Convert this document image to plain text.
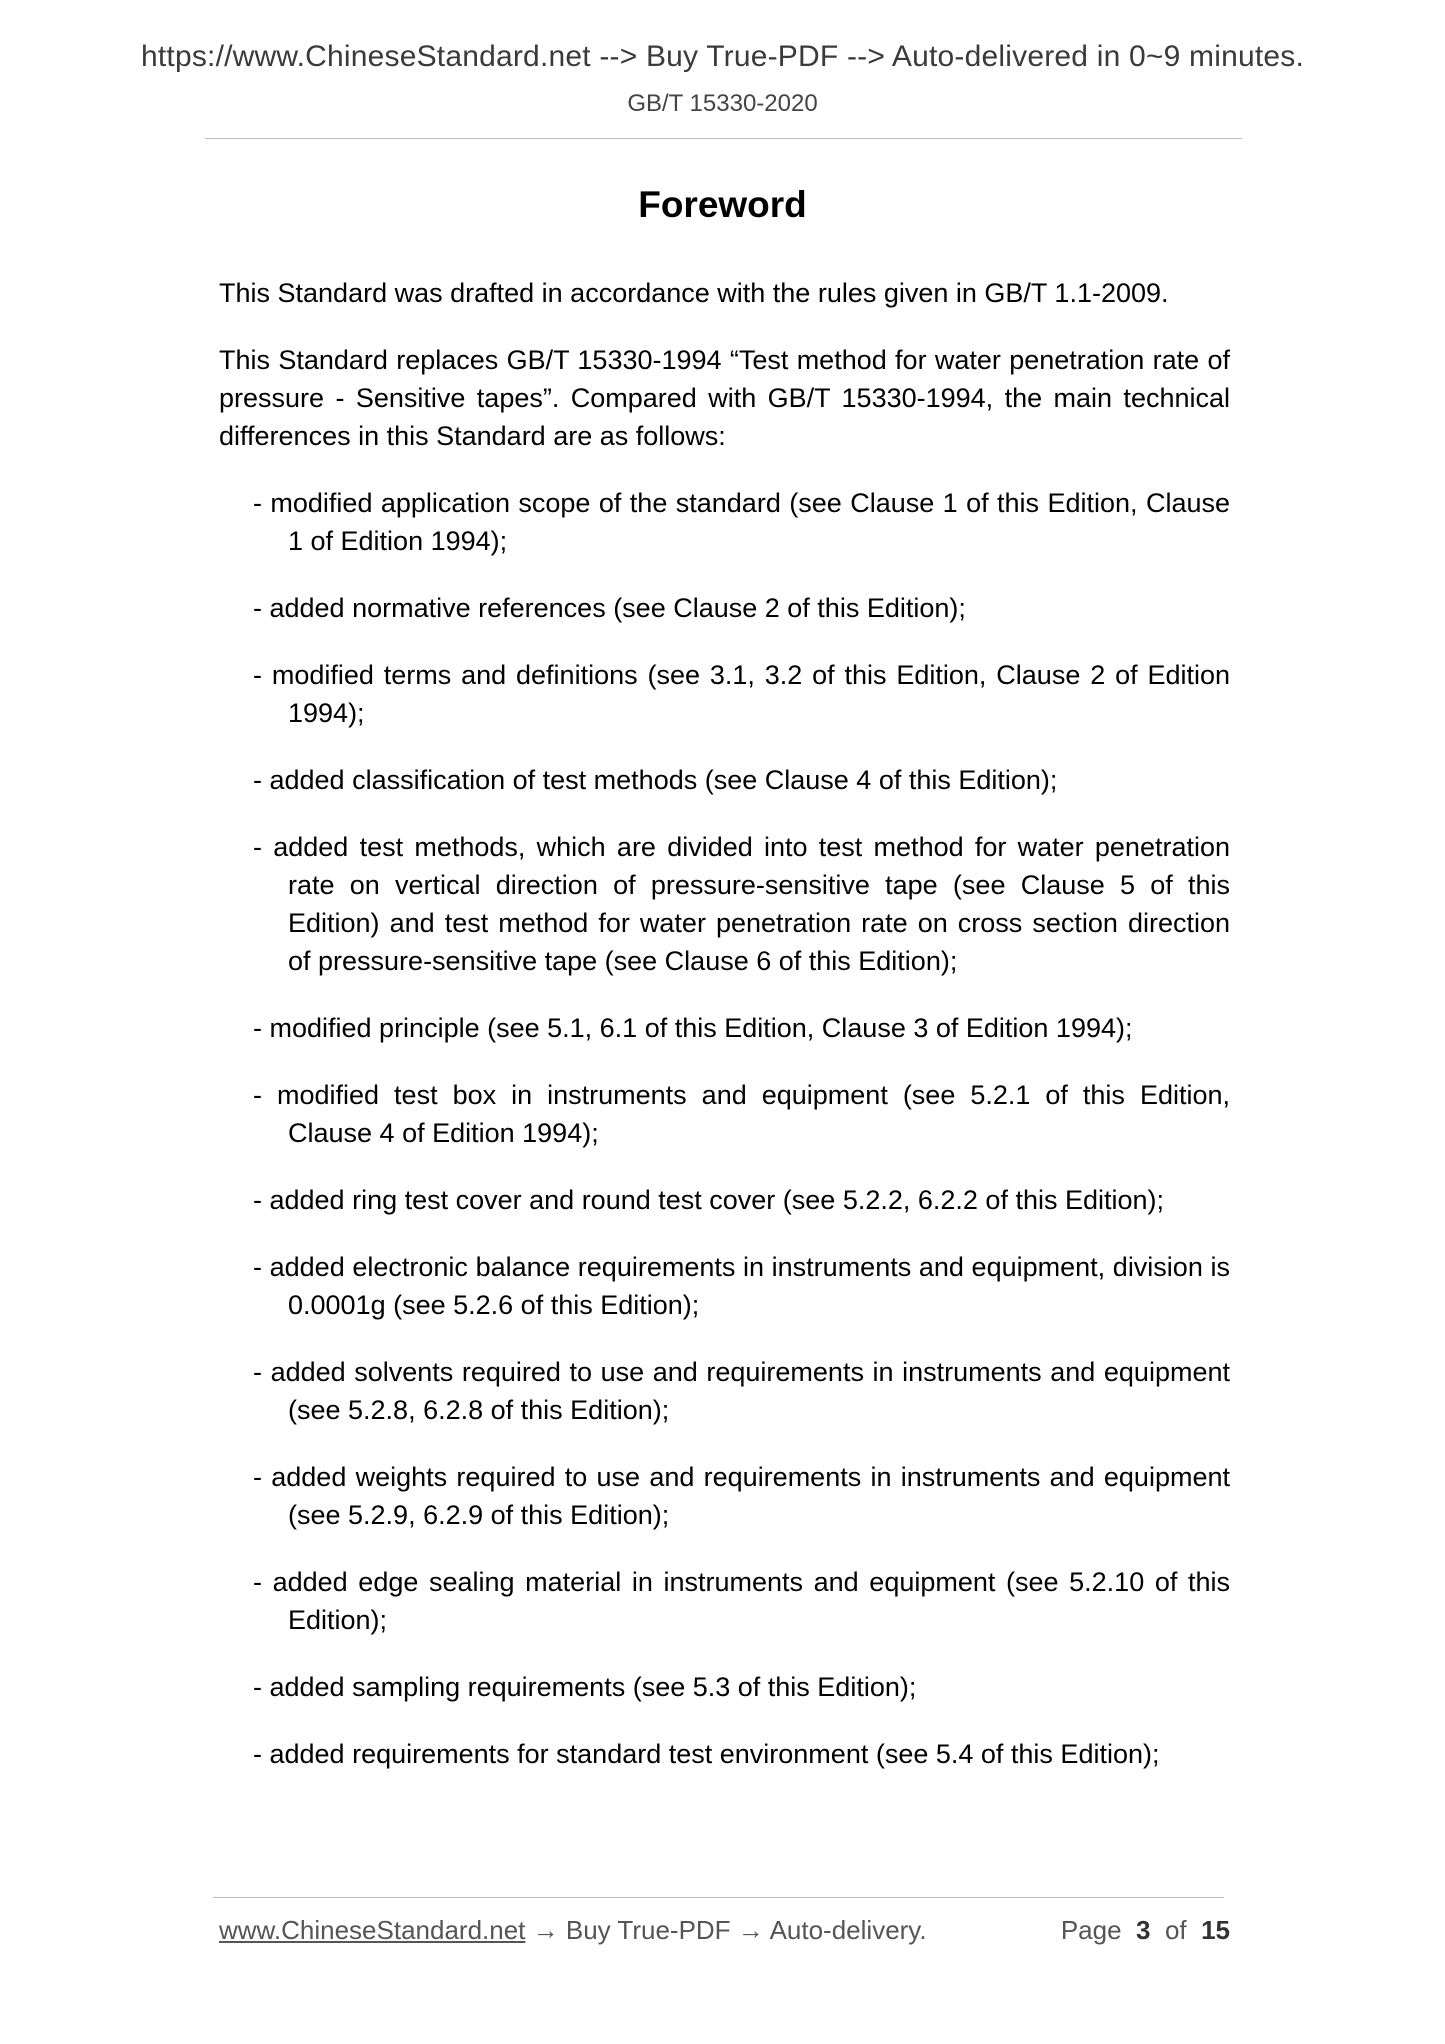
https://www.ChineseStandard.net --> Buy True-PDF --> Auto-delivered in 0~9 minutes.
GB/T 15330-2020
Foreword

This Standard was drafted in accordance with the rules given in GB/T 1.1-2009.

This Standard replaces GB/T 15330-1994 “Test method for water penetration rate of pressure - Sensitive tapes”. Compared with GB/T 15330-1994, the main technical differences in this Standard are as follows:

- modified application scope of the standard (see Clause 1 of this Edition, Clause 1 of Edition 1994);
- added normative references (see Clause 2 of this Edition);
- modified terms and definitions (see 3.1, 3.2 of this Edition, Clause 2 of Edition 1994);
- added classification of test methods (see Clause 4 of this Edition);
- added test methods, which are divided into test method for water penetration rate on vertical direction of pressure-sensitive tape (see Clause 5 of this Edition) and test method for water penetration rate on cross section direction of pressure-sensitive tape (see Clause 6 of this Edition);
- modified principle (see 5.1, 6.1 of this Edition, Clause 3 of Edition 1994);
- modified test box in instruments and equipment (see 5.2.1 of this Edition, Clause 4 of Edition 1994);
- added ring test cover and round test cover (see 5.2.2, 6.2.2 of this Edition);
- added electronic balance requirements in instruments and equipment, division is 0.0001g (see 5.2.6 of this Edition);
- added solvents required to use and requirements in instruments and equipment (see 5.2.8, 6.2.8 of this Edition);
- added weights required to use and requirements in instruments and equipment (see 5.2.9, 6.2.9 of this Edition);
- added edge sealing material in instruments and equipment (see 5.2.10 of this Edition);
- added sampling requirements (see 5.3 of this Edition);
- added requirements for standard test environment (see 5.4 of this Edition);
www.ChineseStandard.net → Buy True-PDF → Auto-delivery.	Page 3 of 15
